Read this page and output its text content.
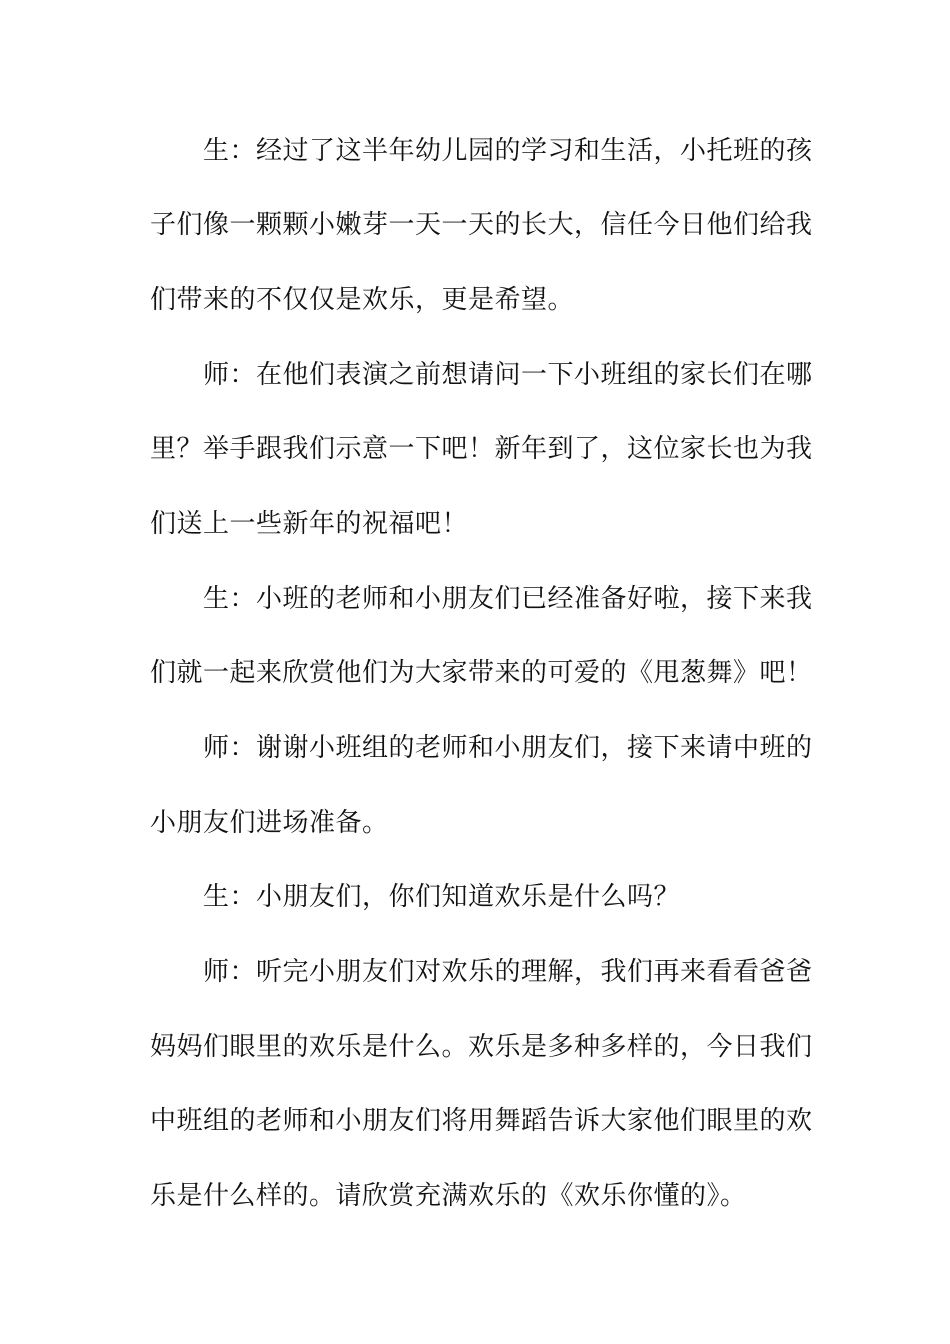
生：经过了这半年幼儿园的学习和生活，小托班的孩
子们像一颗颗小嫩芽一天一天的长大，信任今日他们给我
们带来的不仅仅是欢乐，更是希望。
师：在他们表演之前想请问一下小班组的家长们在哪
里？举手跟我们示意一下吧！新年到了，这位家长也为我
们送上一些新年的祝福吧！
生：小班的老师和小朋友们已经准备好啦，接下来我
们就一起来欣赏他们为大家带来的可爱的《甩葱舞》吧！
师：谢谢小班组的老师和小朋友们，接下来请中班的
小朋友们进场准备。
生：小朋友们，你们知道欢乐是什么吗？
师：听完小朋友们对欢乐的理解，我们再来看看爸爸
妈妈们眼里的欢乐是什么。欢乐是多种多样的，今日我们
中班组的老师和小朋友们将用舞蹈告诉大家他们眼里的欢
乐是什么样的。请欣赏充满欢乐的《欢乐你懂的》。
